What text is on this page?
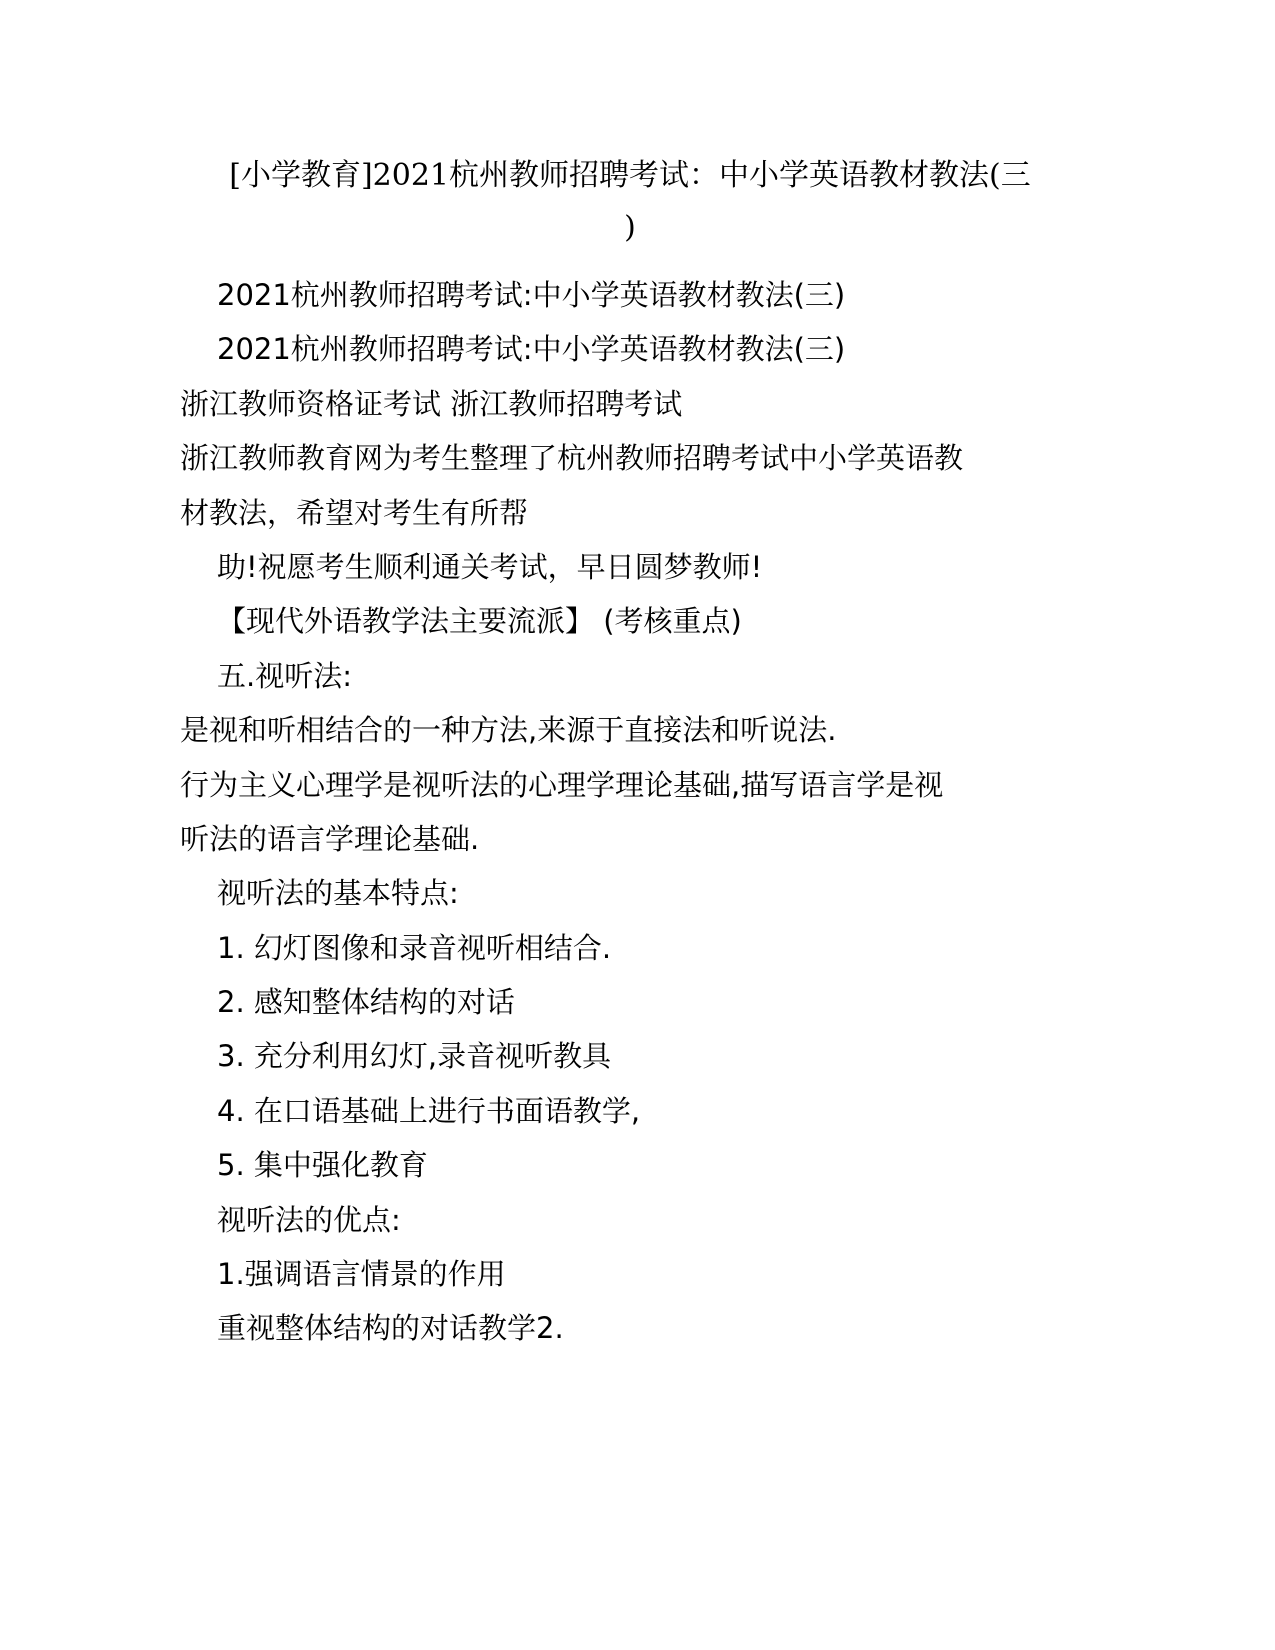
[小学教育]2021杭州教师招聘考试：中小学英语教材教法(三
)
2021杭州教师招聘考试:中小学英语教材教法(三)
2021杭州教师招聘考试:中小学英语教材教法(三)
浙江教师资格证考试 浙江教师招聘考试
浙江教师教育网为考生整理了杭州教师招聘考试中小学英语教
材教法，希望对考生有所帮
助!祝愿考生顺利通关考试，早日圆梦教师!
【现代外语教学法主要流派】 (考核重点)
五.视听法:
是视和听相结合的一种方法,来源于直接法和听说法.
行为主义心理学是视听法的心理学理论基础,描写语言学是视
听法的语言学理论基础.
视听法的基本特点:
1. 幻灯图像和录音视听相结合.
2. 感知整体结构的对话
3. 充分利用幻灯,录音视听教具
4. 在口语基础上进行书面语教学,
5. 集中强化教育
视听法的优点:
1.强调语言情景的作用
重视整体结构的对话教学2.
